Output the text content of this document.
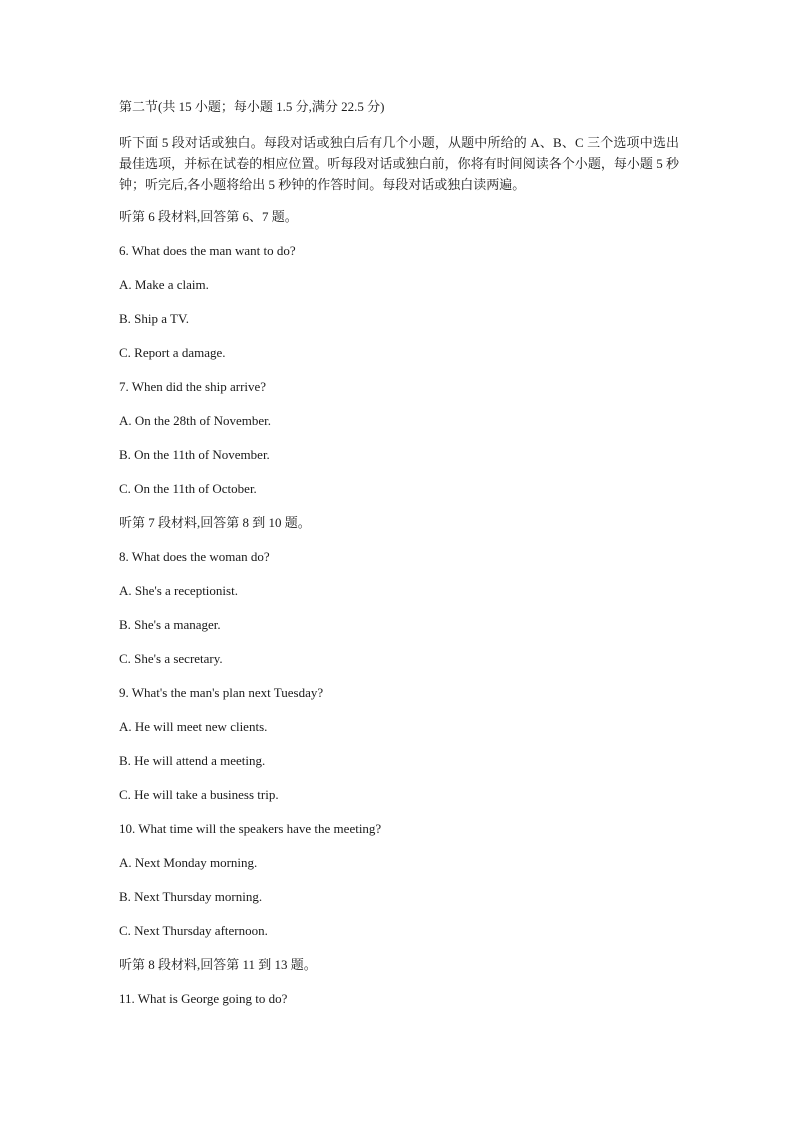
第二节(共 15 小题；每小题 1.5 分,满分 22.5 分)

听下面 5 段对话或独白。每段对话或独白后有几个小题，从题中所给的 A、B、C 三个选项中选出最佳选项，并标在试卷的相应位置。听每段对话或独白前，你将有时间阅读各个小题，每小题 5 秒钟；听完后,各小题将给出 5 秒钟的作答时间。每段对话或独白读两遍。

听第 6 段材料,回答第 6、7 题。

6. What does the man want to do?

A. Make a claim.

B. Ship a TV.

C. Report a damage.

7. When did the ship arrive?

A. On the 28th of November.

B. On the 11th of November.

C. On the 11th of October.

听第 7 段材料,回答第 8 到 10 题。

8. What does the woman do?

A. She's a receptionist.

B. She's a manager.

C. She's a secretary.

9. What's the man's plan next Tuesday?

A. He will meet new clients.

B. He will attend a meeting.

C. He will take a business trip.

10. What time will the speakers have the meeting?

A. Next Monday morning.

B. Next Thursday morning.

C. Next Thursday afternoon.

听第 8 段材料,回答第 11 到 13 题。

11. What is George going to do?
